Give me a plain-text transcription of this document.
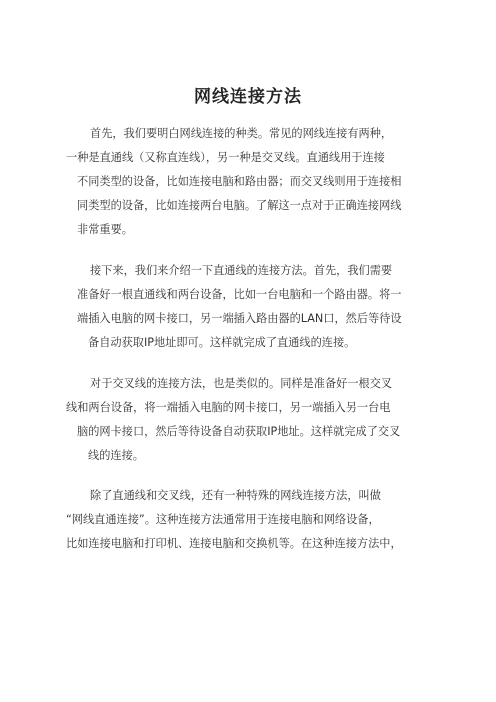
网线连接方法
首先，我们要明白网线连接的种类。常见的网线连接有两种，
一种是直通线（又称直连线），另一种是交叉线。直通线用于连接
不同类型的设备，比如连接电脑和路由器；而交叉线则用于连接相
同类型的设备，比如连接两台电脑。了解这一点对于正确连接网线
非常重要。
接下来，我们来介绍一下直通线的连接方法。首先，我们需要
准备好一根直通线和两台设备，比如一台电脑和一个路由器。将一
端插入电脑的网卡接口，另一端插入路由器的LAN口，然后等待设
备自动获取IP地址即可。这样就完成了直通线的连接。
对于交叉线的连接方法，也是类似的。同样是准备好一根交叉
线和两台设备，将一端插入电脑的网卡接口，另一端插入另一台电
脑的网卡接口，然后等待设备自动获取IP地址。这样就完成了交叉
线的连接。
除了直通线和交叉线，还有一种特殊的网线连接方法，叫做
“网线直通连接”。这种连接方法通常用于连接电脑和网络设备，
比如连接电脑和打印机、连接电脑和交换机等。在这种连接方法中，
